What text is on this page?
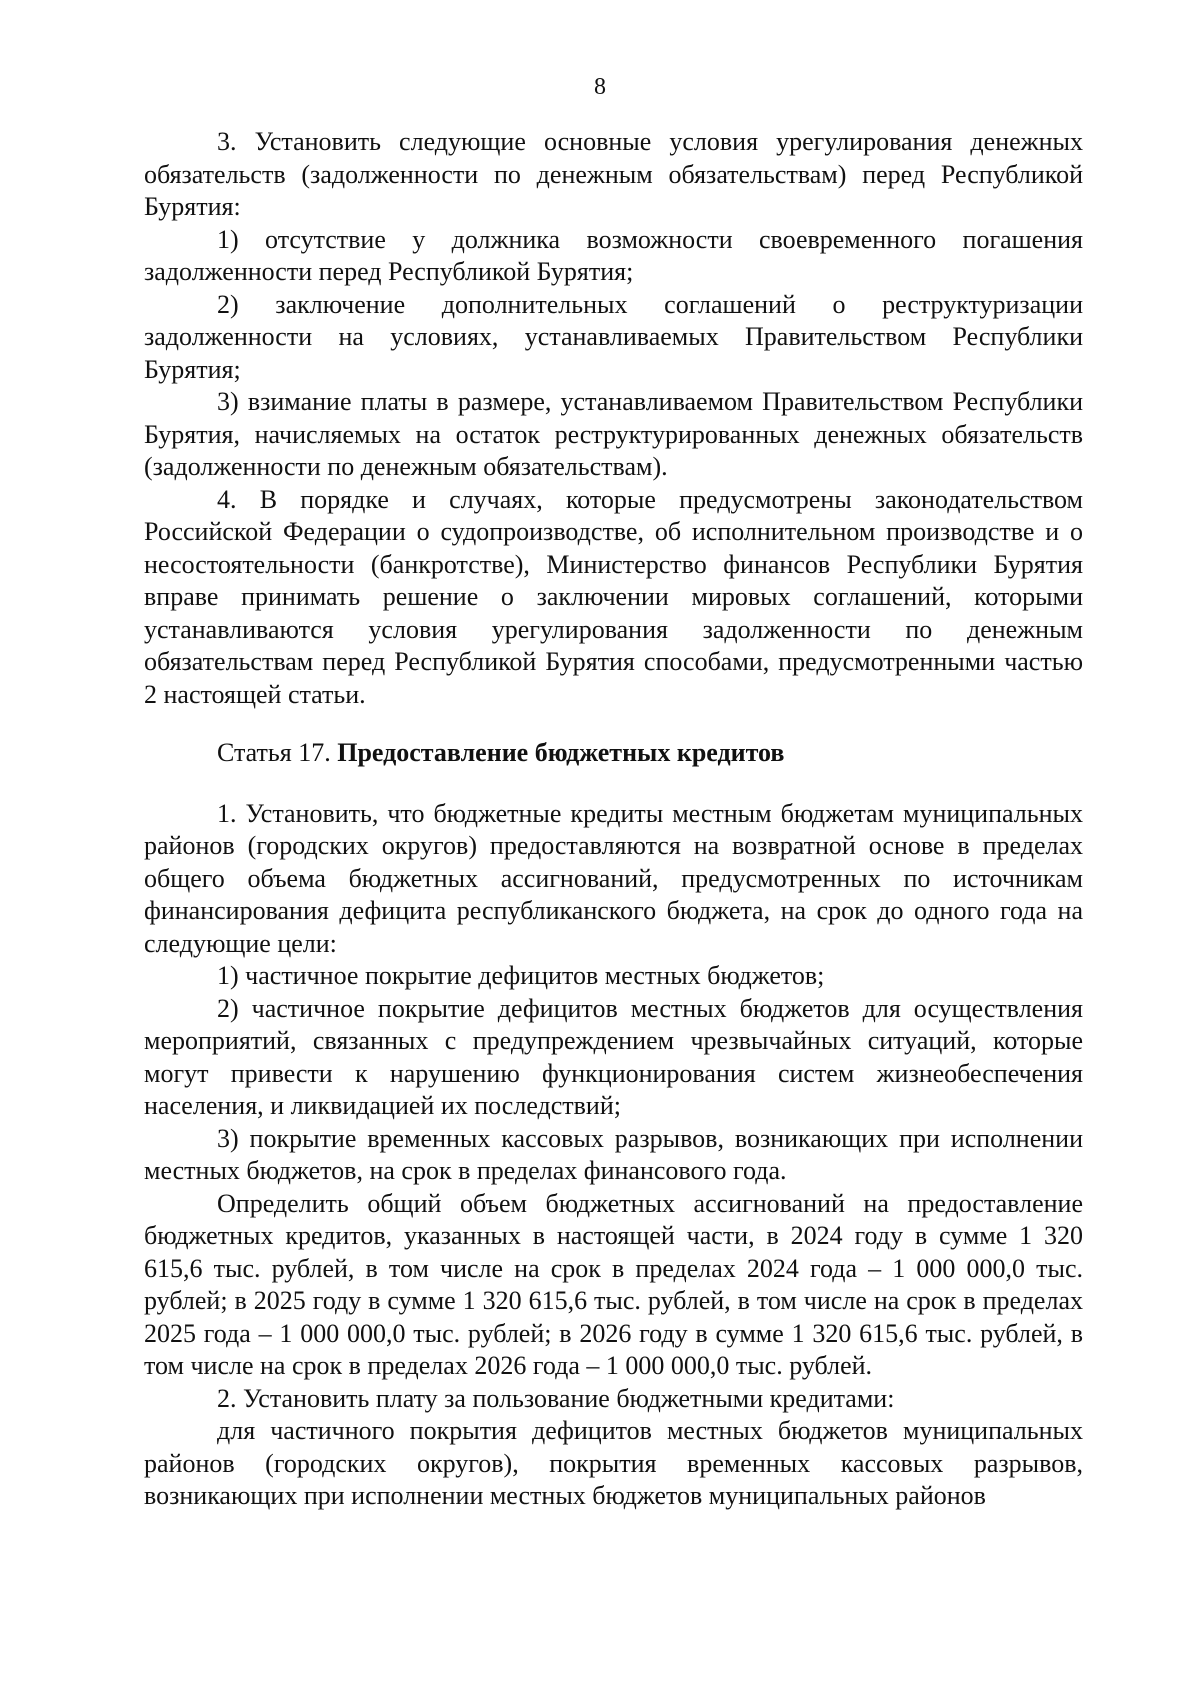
8

3. Установить следующие основные условия урегулирования денежных обязательств (задолженности по денежным обязательствам) перед Республикой Бурятия:

1) отсутствие у должника возможности своевременного погашения задолженности перед Республикой Бурятия;

2) заключение дополнительных соглашений о реструктуризации задолженности на условиях, устанавливаемых Правительством Республики Бурятия;

3) взимание платы в размере, устанавливаемом Правительством Республики Бурятия, начисляемых на остаток реструктурированных денежных обязательств (задолженности по денежным обязательствам).

4. В порядке и случаях, которые предусмотрены законодательством Российской Федерации о судопроизводстве, об исполнительном производстве и о несостоятельности (банкротстве), Министерство финансов Республики Бурятия вправе принимать решение о заключении мировых соглашений, которыми устанавливаются условия урегулирования задолженности по денежным обязательствам перед Республикой Бурятия способами, предусмотренными частью 2 настоящей статьи.

Статья 17. Предоставление бюджетных кредитов

1. Установить, что бюджетные кредиты местным бюджетам муниципальных районов (городских округов) предоставляются на возвратной основе в пределах общего объема бюджетных ассигнований, предусмотренных по источникам финансирования дефицита республиканского бюджета, на срок до одного года на следующие цели:

1) частичное покрытие дефицитов местных бюджетов;

2) частичное покрытие дефицитов местных бюджетов для осуществления мероприятий, связанных с предупреждением чрезвычайных ситуаций, которые могут привести к нарушению функционирования систем жизнеобеспечения населения, и ликвидацией их последствий;

3) покрытие временных кассовых разрывов, возникающих при исполнении местных бюджетов, на срок в пределах финансового года.

Определить общий объем бюджетных ассигнований на предоставление бюджетных кредитов, указанных в настоящей части, в 2024 году в сумме 1 320 615,6 тыс. рублей, в том числе на срок в пределах 2024 года – 1 000 000,0 тыс. рублей; в 2025 году в сумме 1 320 615,6 тыс. рублей, в том числе на срок в пределах 2025 года – 1 000 000,0 тыс. рублей; в 2026 году в сумме 1 320 615,6 тыс. рублей, в том числе на срок в пределах 2026 года – 1 000 000,0 тыс. рублей.

2. Установить плату за пользование бюджетными кредитами:

для частичного покрытия дефицитов местных бюджетов муниципальных районов (городских округов), покрытия временных кассовых разрывов, возникающих при исполнении местных бюджетов муниципальных районов
